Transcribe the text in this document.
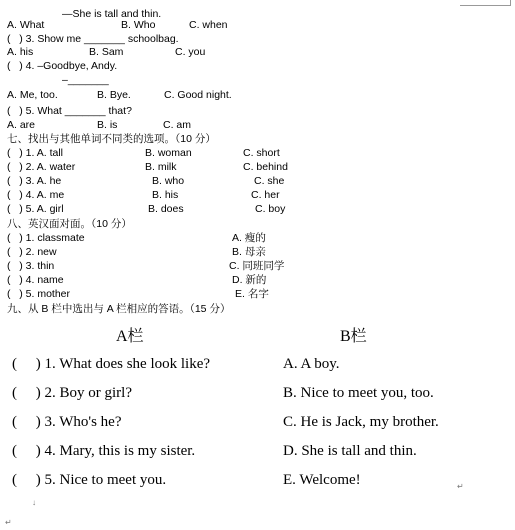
—She is tall and thin.
A. What	B. Who	C. when
(   ) 3. Show me _______ schoolbag.
A. his	B. Sam	C. you
(   ) 4. –Goodbye, Andy.
–_______
A. Me, too.	B. Bye.	C. Good night.
(   ) 5. What _______ that?
A. are	B. is	C. am
七、找出与其他单词不同类的选项。（10 分）
(   ) 1. A. tall	B. woman	C. short
(   ) 2. A. water	B. milk	C. behind
(   ) 3. A. he	B. who	C. she
(   ) 4. A. me	B. his	C. her
(   ) 5. A. girl	B. does	C. boy
八、英汉面对面。（10 分）
(   ) 1. classmate	A. 瘦的
(   ) 2. new	B. 母亲
(   ) 3. thin	C. 同班同学
(   ) 4. name	D. 新的
(   ) 5. mother	E. 名字
九、从 B 栏中选出与 A 栏相应的答语。（15 分）
A栏	B栏
(     ) 1. What does she look like?	A. A boy.
(     ) 2. Boy or girl?	B. Nice to meet you, too.
(     ) 3. Who's he?	C. He is Jack, my brother.
(     ) 4. Mary, this is my sister.	D. She is tall and thin.
(     ) 5. Nice to meet you.	E. Welcome!
↓
↵
↵
